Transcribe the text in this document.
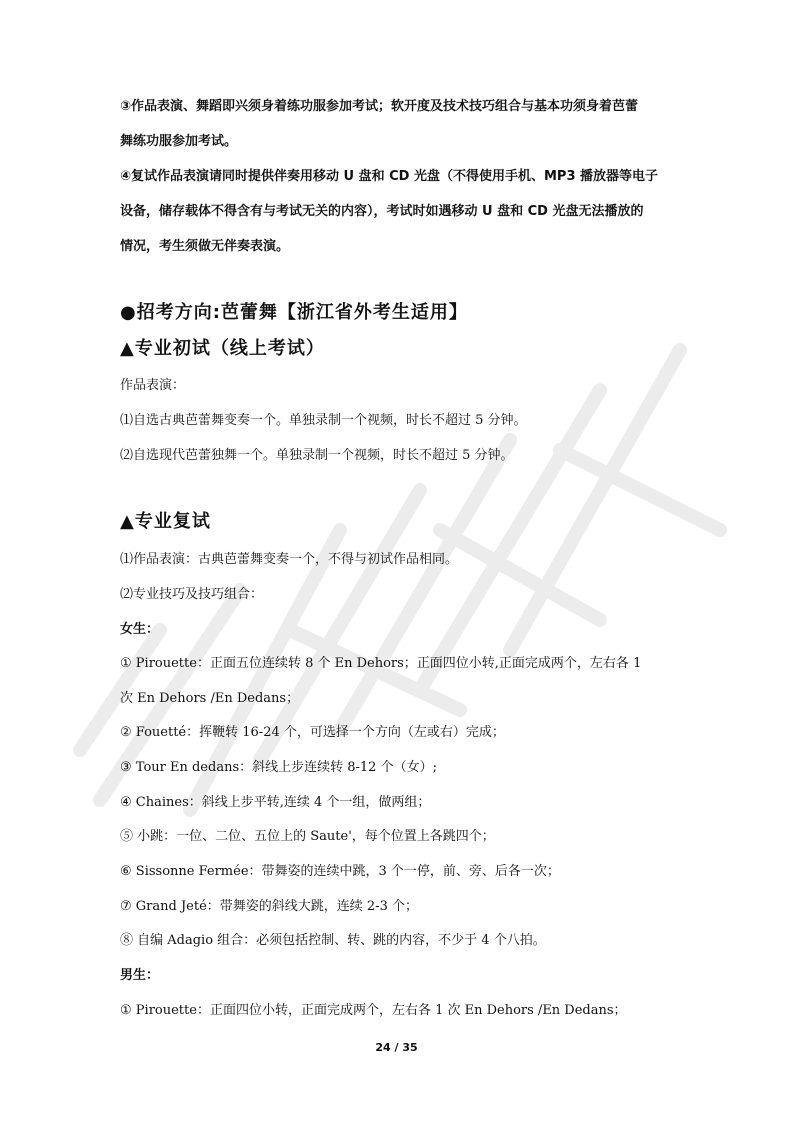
③作品表演、舞蹈即兴须身着练功服参加考试；软开度及技术技巧组合与基本功须身着芭蕾
舞练功服参加考试。
④复试作品表演请同时提供伴奏用移动 U 盘和 CD 光盘（不得使用手机、MP3 播放器等电子
设备，储存载体不得含有与考试无关的内容），考试时如遇移动 U 盘和 CD 光盘无法播放的
情况，考生须做无伴奏表演。
●招考方向:芭蕾舞【浙江省外考生适用】
▲专业初试（线上考试）
作品表演：
⑴自选古典芭蕾舞变奏一个。单独录制一个视频，时长不超过 5 分钟。
⑵自选现代芭蕾独舞一个。单独录制一个视频，时长不超过 5 分钟。
▲专业复试
⑴作品表演：古典芭蕾舞变奏一个，不得与初试作品相同。
⑵专业技巧及技巧组合：
女生：
① Pirouette：正面五位连续转 8 个 En Dehors；正面四位小转,正面完成两个，左右各 1
次 En Dehors /En Dedans；
② Fouetté：挥鞭转 16-24 个，可选择一个方向（左或右）完成；
③ Tour En dedans：斜线上步连续转 8-12 个（女）;
④ Chaines：斜线上步平转,连续 4 个一组，做两组；
⑤ 小跳：一位、二位、五位上的 Saute'，每个位置上各跳四个；
⑥ Sissonne Fermée：带舞姿的连续中跳，3 个一停，前、旁、后各一次；
⑦ Grand Jeté：带舞姿的斜线大跳，连续 2-3 个；
⑧ 自编 Adagio 组合：必须包括控制、转、跳的内容，不少于 4 个八拍。
男生：
① Pirouette：正面四位小转，正面完成两个，左右各 1 次 En Dehors /En Dedans；
24 / 35
